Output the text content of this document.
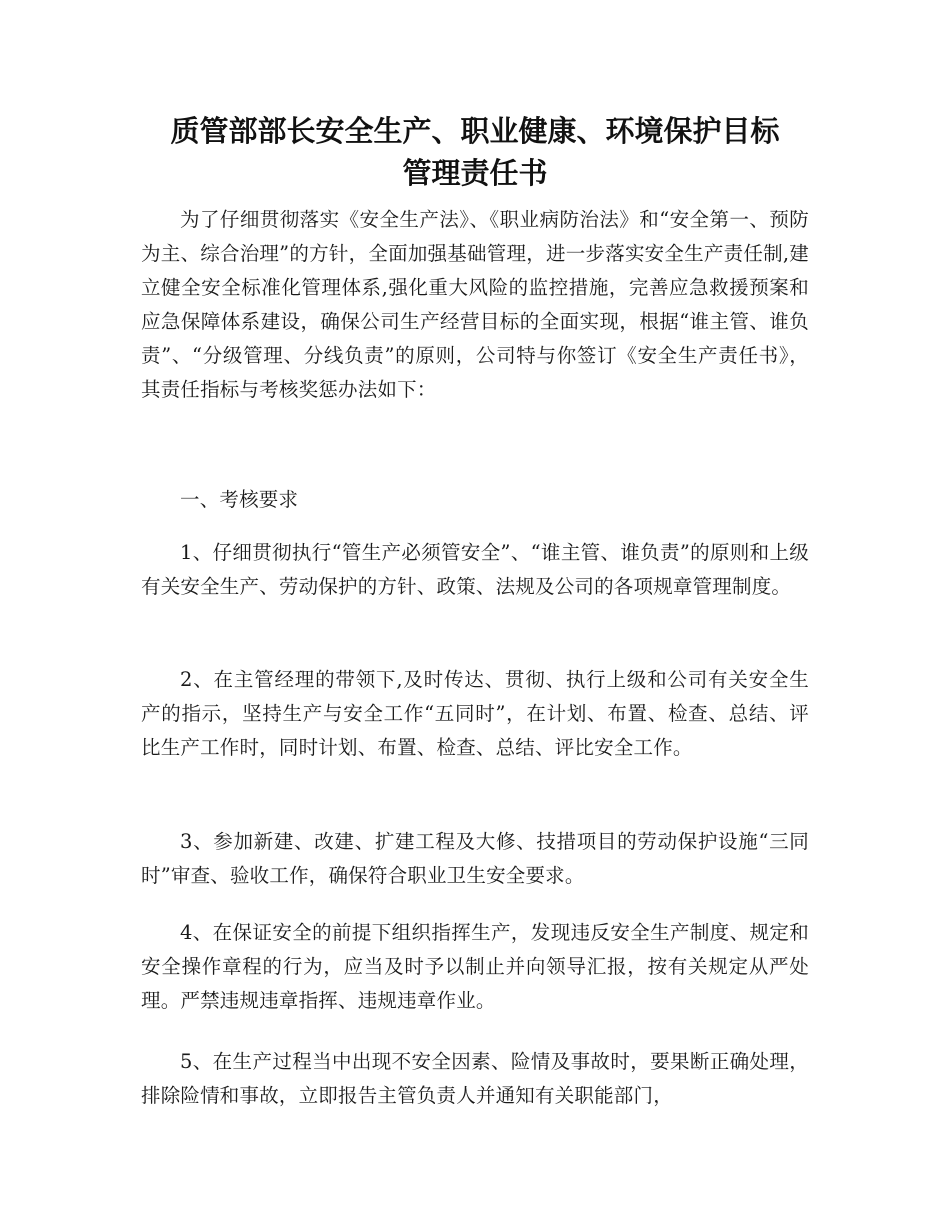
质管部部长安全生产、职业健康、环境保护目标
管理责任书

为了仔细贯彻落实《安全生产法》、《职业病防治法》和“安全第一、预防为主、综合治理”的方针，全面加强基础管理，进一步落实安全生产责任制,建立健全安全标准化管理体系,强化重大风险的监控措施，完善应急救援预案和应急保障体系建设，确保公司生产经营目标的全面实现，根据“谁主管、谁负责”、“分级管理、分线负责”的原则，公司特与你签订《安全生产责任书》，其责任指标与考核奖惩办法如下：

一、考核要求

1、仔细贯彻执行“管生产必须管安全”、“谁主管、谁负责”的原则和上级有关安全生产、劳动保护的方针、政策、法规及公司的各项规章管理制度。

2、在主管经理的带领下,及时传达、贯彻、执行上级和公司有关安全生产的指示，坚持生产与安全工作“五同时”，在计划、布置、检查、总结、评比生产工作时，同时计划、布置、检查、总结、评比安全工作。

3、参加新建、改建、扩建工程及大修、技措项目的劳动保护设施“三同时”审查、验收工作，确保符合职业卫生安全要求。

4、在保证安全的前提下组织指挥生产，发现违反安全生产制度、规定和安全操作章程的行为，应当及时予以制止并向领导汇报，按有关规定从严处理。严禁违规违章指挥、违规违章作业。

5、在生产过程当中出现不安全因素、险情及事故时，要果断正确处理，排除险情和事故，立即报告主管负责人并通知有关职能部门，
